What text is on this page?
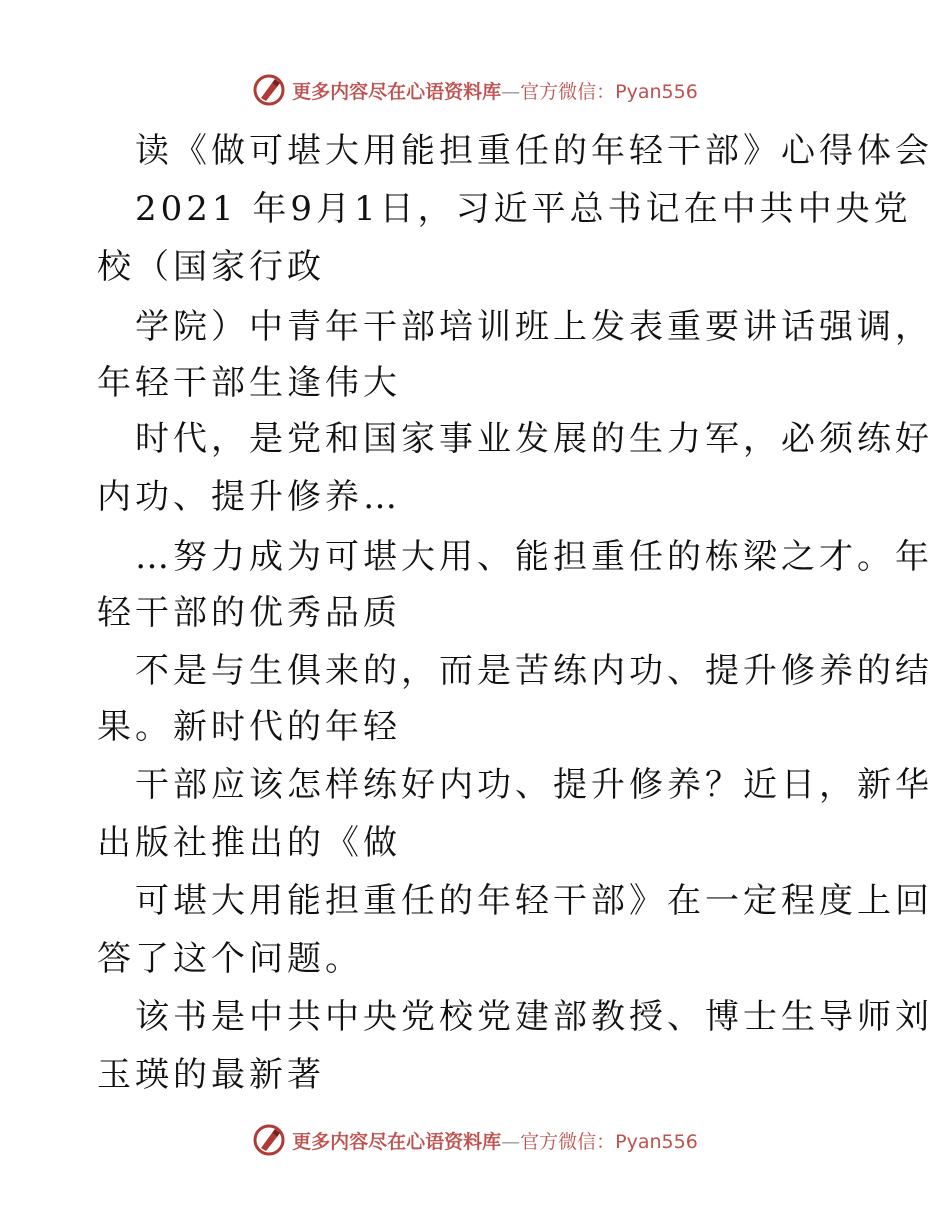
更多内容尽在心语资料库—官方微信：Pyan556
读《做可堪大用能担重任的年轻干部》心得体会
2021 年9月1日，习近平总书记在中共中央党
校（国家行政
学院）中青年干部培训班上发表重要讲话强调，
年轻干部生逢伟大
时代，是党和国家事业发展的生力军，必须练好
内功、提升修养…
…努力成为可堪大用、能担重任的栋梁之才。年
轻干部的优秀品质
不是与生俱来的，而是苦练内功、提升修养的结
果。新时代的年轻
干部应该怎样练好内功、提升修养？近日，新华
出版社推出的《做
可堪大用能担重任的年轻干部》在一定程度上回
答了这个问题。
该书是中共中央党校党建部教授、博士生导师刘
玉瑛的最新著
更多内容尽在心语资料库—官方微信：Pyan556
